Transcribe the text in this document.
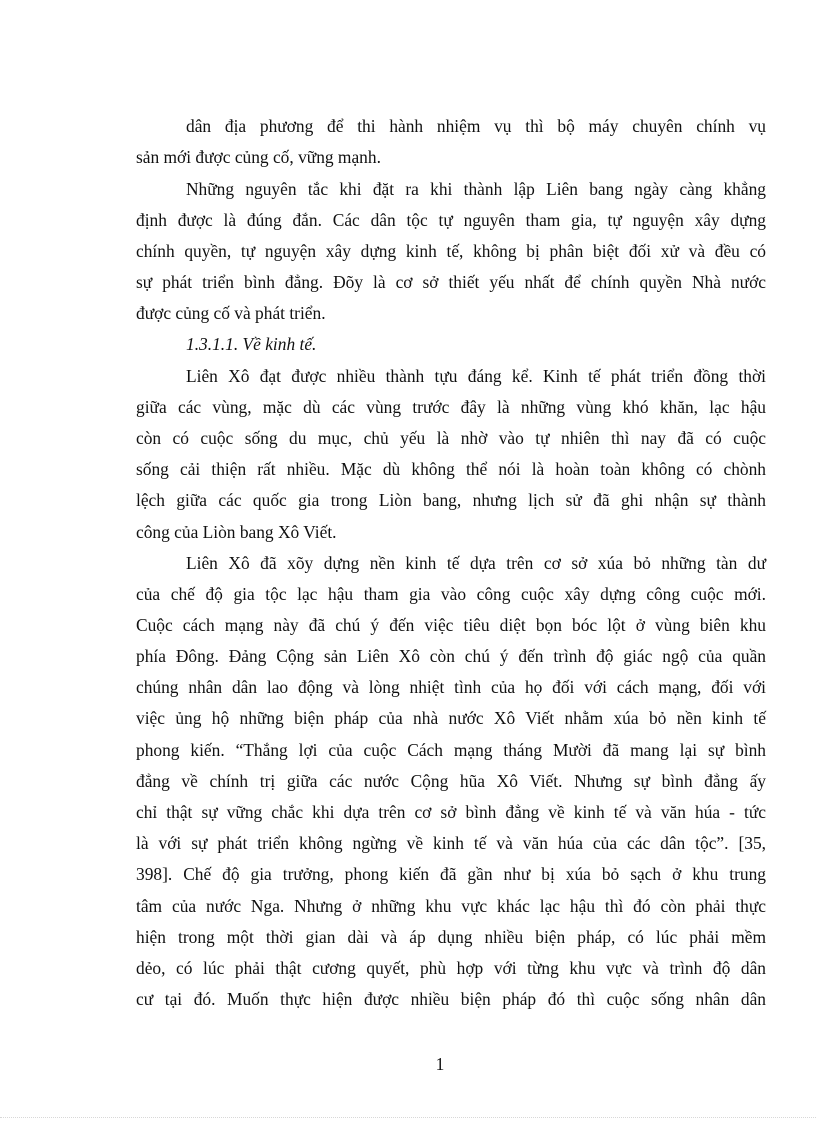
dân địa phương để thi hành nhiệm vụ thì bộ máy chuyên chính vụ
sản mới được củng cố, vững mạnh.
Những nguyên tắc khi đặt ra khi thành lập Liên bang ngày càng khẳng
định được là đúng đắn. Các dân tộc tự nguyên tham gia, tự nguyện xây dựng
chính quyền, tự nguyện xây dựng kinh tế, không bị phân biệt đối xử và đều có
sự phát triển bình đẳng. Đõy là cơ sở thiết yếu nhất để chính quyền Nhà nước
được củng cố và phát triển.
1.3.1.1. Về kinh tế.
Liên Xô đạt được nhiều thành tựu đáng kể. Kinh tế phát triển đồng thời
giữa các vùng, mặc dù các vùng trước đây là những vùng khó khăn, lạc hậu
còn có cuộc sống du mục, chủ yếu là nhờ vào tự nhiên thì nay đã có cuộc
sống cải thiện rất nhiều. Mặc dù không thể nói là hoàn toàn không có chònh
lệch giữa các quốc gia trong Liòn bang, nhưng lịch sử đã ghi nhận sự thành
công của Liòn bang Xô Viết.
Liên Xô đã xõy dựng nền kinh tế dựa trên cơ sở xúa bỏ những tàn dư
của chế độ gia tộc lạc hậu tham gia vào công cuộc xây dựng công cuộc mới.
Cuộc cách mạng này đã chú ý đến việc tiêu diệt bọn bóc lột ở vùng biên khu
phía Đông. Đảng Cộng sản Liên Xô còn chú ý đến trình độ giác ngộ của quần
chúng nhân dân lao động và lòng nhiệt tình của họ đối với cách mạng, đối với
việc ủng hộ những biện pháp của nhà nước Xô Viết nhằm xúa bỏ nền kinh tế
phong kiến. “Thắng lợi của cuộc Cách mạng tháng Mười đã mang lại sự bình
đẳng về chính trị giữa các nước Cộng hũa Xô Viết. Nhưng sự bình đẳng ấy
chỉ thật sự vững chắc khi dựa trên cơ sở bình đẳng về kinh tế và văn húa - tức
là với sự phát triển không ngừng về kinh tế và văn húa của các dân tộc”. [35,
398]. Chế độ gia trưởng, phong kiến đã gần như bị xúa bỏ sạch ở khu trung
tâm của nước Nga. Nhưng ở những khu vực khác lạc hậu thì đó còn phải thực
hiện trong một thời gian dài và áp dụng nhiều biện pháp, có lúc phải mềm
dẻo, có lúc phải thật cương quyết, phù hợp với từng khu vực và trình độ dân
cư tại đó. Muốn thực hiện được nhiều biện pháp đó thì cuộc sống nhân dân
1
